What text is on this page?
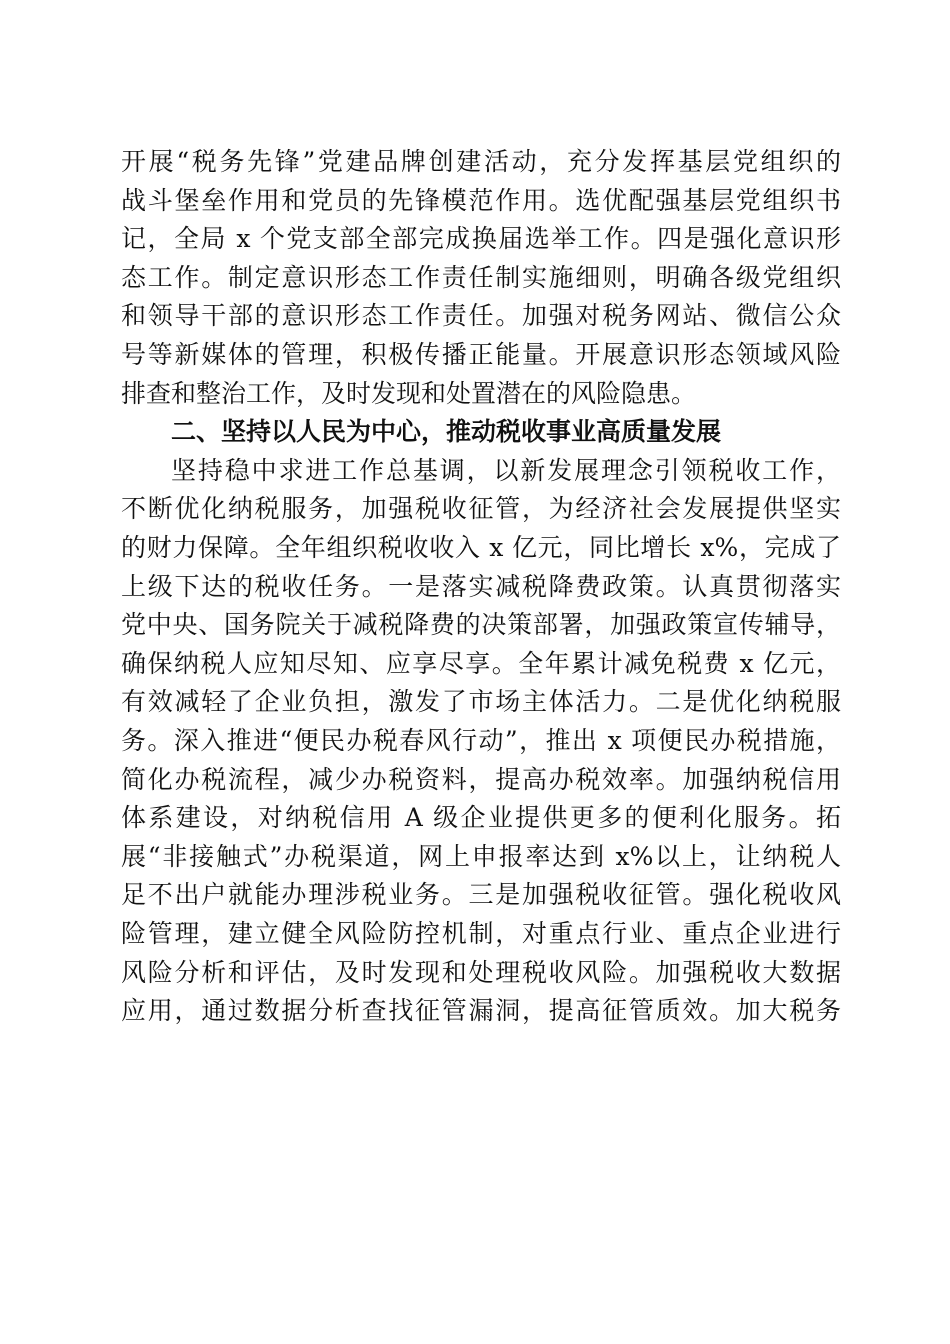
开展“税务先锋”党建品牌创建活动，充分发挥基层党组织的
战斗堡垒作用和党员的先锋模范作用。选优配强基层党组织书
记，全局 x 个党支部全部完成换届选举工作。四是强化意识形
态工作。制定意识形态工作责任制实施细则，明确各级党组织
和领导干部的意识形态工作责任。加强对税务网站、微信公众
号等新媒体的管理，积极传播正能量。开展意识形态领域风险
排查和整治工作，及时发现和处置潜在的风险隐患。
二、坚持以人民为中心，推动税收事业高质量发展
坚持稳中求进工作总基调，以新发展理念引领税收工作，
不断优化纳税服务，加强税收征管，为经济社会发展提供坚实
的财力保障。全年组织税收收入 x 亿元，同比增长 x%，完成了
上级下达的税收任务。一是落实减税降费政策。认真贯彻落实
党中央、国务院关于减税降费的决策部署，加强政策宣传辅导，
确保纳税人应知尽知、应享尽享。全年累计减免税费 x 亿元，
有效减轻了企业负担，激发了市场主体活力。二是优化纳税服
务。深入推进“便民办税春风行动”，推出 x 项便民办税措施，
简化办税流程，减少办税资料，提高办税效率。加强纳税信用
体系建设，对纳税信用 A 级企业提供更多的便利化服务。拓
展“非接触式”办税渠道，网上申报率达到 x%以上，让纳税人
足不出户就能办理涉税业务。三是加强税收征管。强化税收风
险管理，建立健全风险防控机制，对重点行业、重点企业进行
风险分析和评估，及时发现和处理税收风险。加强税收大数据
应用，通过数据分析查找征管漏洞，提高征管质效。加大税务
